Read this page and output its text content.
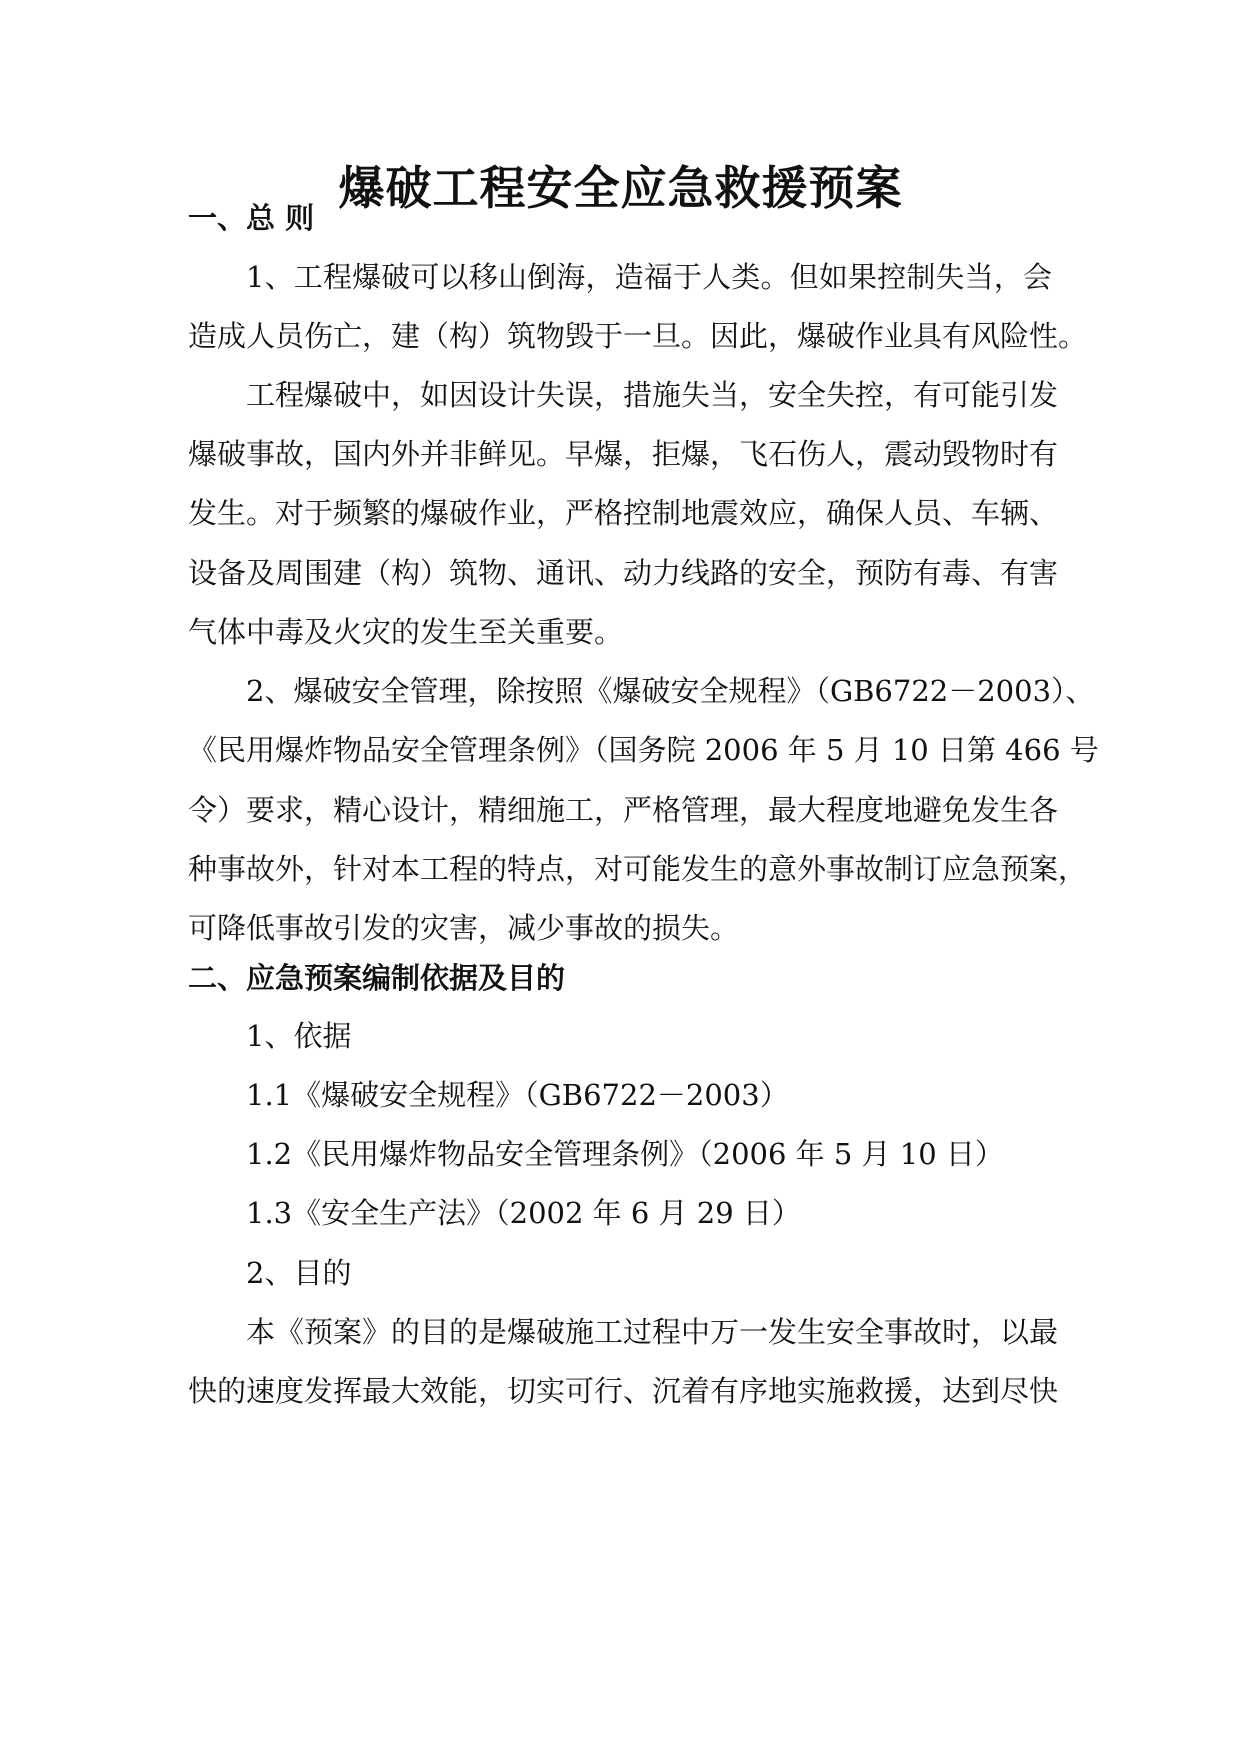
爆破工程安全应急救援预案
一、总 则
1、工程爆破可以移山倒海，造福于人类。但如果控制失当，会
造成人员伤亡，建（构）筑物毁于一旦。因此，爆破作业具有风险性。
工程爆破中，如因设计失误，措施失当，安全失控，有可能引发
爆破事故，国内外并非鲜见。早爆，拒爆，飞石伤人，震动毁物时有
发生。对于频繁的爆破作业，严格控制地震效应，确保人员、车辆、
设备及周围建（构）筑物、通讯、动力线路的安全，预防有毒、有害
气体中毒及火灾的发生至关重要。
2、爆破安全管理，除按照《爆破安全规程》（GB6722－2003）、
《民用爆炸物品安全管理条例》（国务院 2006 年 5 月 10 日第 466 号
令）要求，精心设计，精细施工，严格管理，最大程度地避免发生各
种事故外，针对本工程的特点，对可能发生的意外事故制订应急预案，
可降低事故引发的灾害，减少事故的损失。
二、应急预案编制依据及目的
1、依据
1.1《爆破安全规程》（GB6722－2003）
1.2《民用爆炸物品安全管理条例》（2006 年 5 月 10 日）
1.3《安全生产法》（2002 年 6 月 29 日）
2、目的
本《预案》的目的是爆破施工过程中万一发生安全事故时，以最
快的速度发挥最大效能，切实可行、沉着有序地实施救援，达到尽快
